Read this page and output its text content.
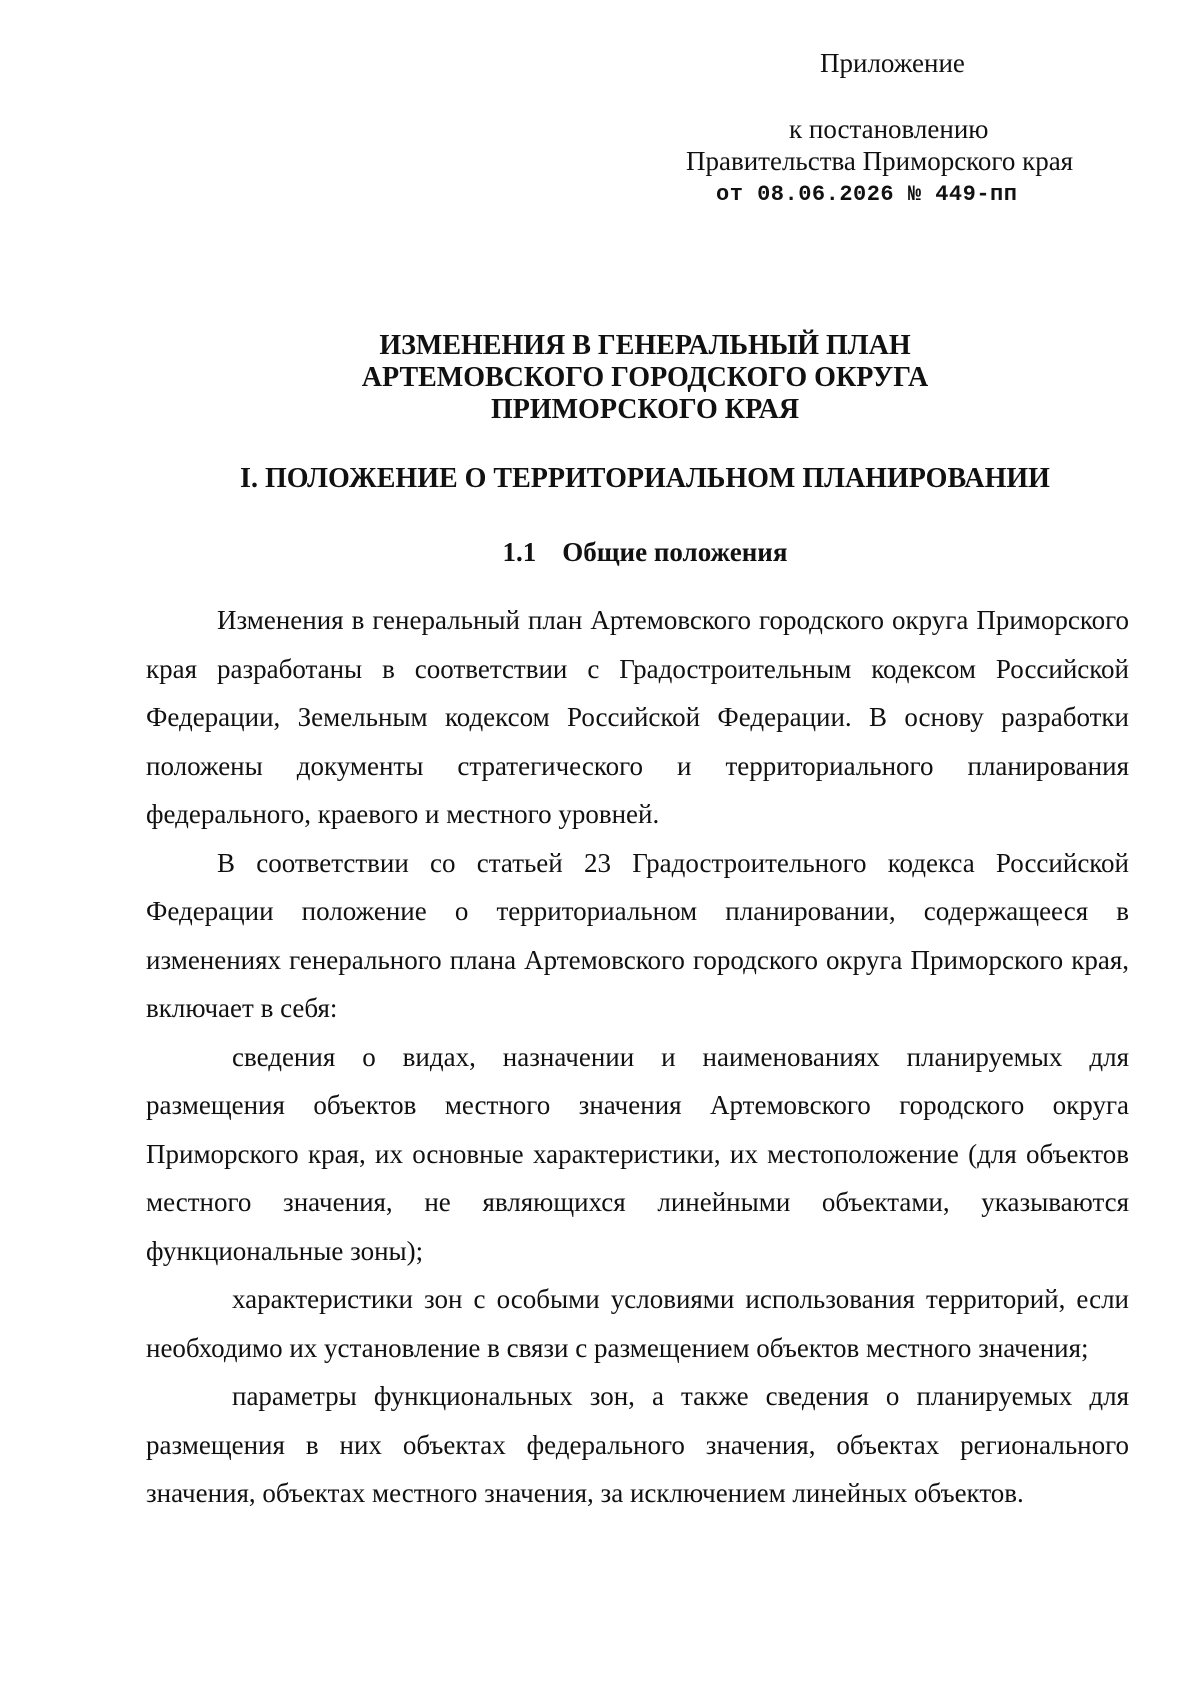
Приложение
к постановлению
Правительства Приморского края
от 08.06.2026 № 449-пп
ИЗМЕНЕНИЯ В ГЕНЕРАЛЬНЫЙ ПЛАН
АРТЕМОВСКОГО ГОРОДСКОГО ОКРУГА
ПРИМОРСКОГО КРАЯ
I. ПОЛОЖЕНИЕ О ТЕРРИТОРИАЛЬНОМ ПЛАНИРОВАНИИ
1.1 Общие положения

Изменения в генеральный план Артемовского городского округа Приморского края разработаны в соответствии с Градостроительным кодексом Российской Федерации, Земельным кодексом Российской Федерации. В основу разработки положены документы стратегического и территориального планирования федерального, краевого и местного уровней.

В соответствии со статьей 23 Градостроительного кодекса Российской Федерации положение о территориальном планировании, содержащееся в изменениях генерального плана Артемовского городского округа Приморского края, включает в себя:

сведения о видах, назначении и наименованиях планируемых для размещения объектов местного значения Артемовского городского округа Приморского края, их основные характеристики, их местоположение (для объектов местного значения, не являющихся линейными объектами, указываются функциональные зоны);

характеристики зон с особыми условиями использования территорий, если необходимо их установление в связи с размещением объектов местного значения;

параметры функциональных зон, а также сведения о планируемых для размещения в них объектах федерального значения, объектах регионального значения, объектах местного значения, за исключением линейных объектов.
